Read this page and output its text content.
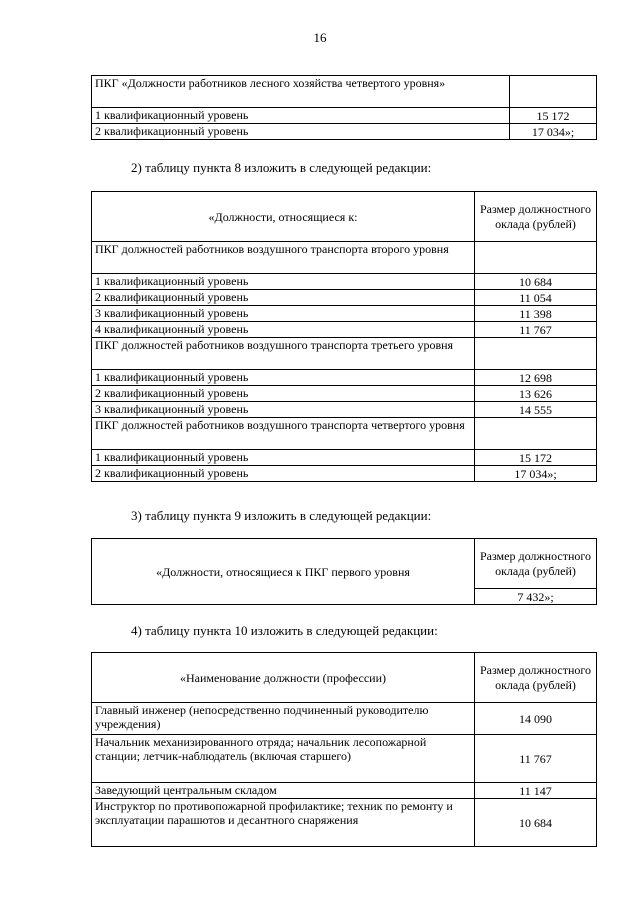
16
ПКГ «Должности работников лесного хозяйства четвертого уровня»	
1 квалификационный уровень	15 172
2 квалификационный уровень	17 034»;
2) таблицу пункта 8 изложить в следующей редакции:
«Должности, относящиеся к:	Размер должностного оклада (рублей)
ПКГ должностей работников воздушного транспорта второго уровня	
1 квалификационный уровень	10 684
2 квалификационный уровень	11 054
3 квалификационный уровень	11 398
4 квалификационный уровень	11 767
ПКГ должностей работников воздушного транспорта третьего уровня	
1 квалификационный уровень	12 698
2 квалификационный уровень	13 626
3 квалификационный уровень	14 555
ПКГ должностей работников воздушного транспорта четвертого уровня	
1 квалификационный уровень	15 172
2 квалификационный уровень	17 034»;
3) таблицу пункта 9 изложить в следующей редакции:
«Должности, относящиеся к ПКГ первого уровня	Размер должностного оклада (рублей)
7 432»;
4) таблицу пункта 10 изложить в следующей редакции:
«Наименование должности (профессии)	Размер должностного оклада (рублей)
Главный инженер (непосредственно подчиненный руководителю учреждения)	14 090
Начальник механизированного отряда; начальник лесопожарной станции; летчик-наблюдатель (включая старшего)	11 767
Заведующий центральным складом	11 147
Инструктор по противопожарной профилактике; техник по ремонту и эксплуатации парашютов и десантного снаряжения	10 684
